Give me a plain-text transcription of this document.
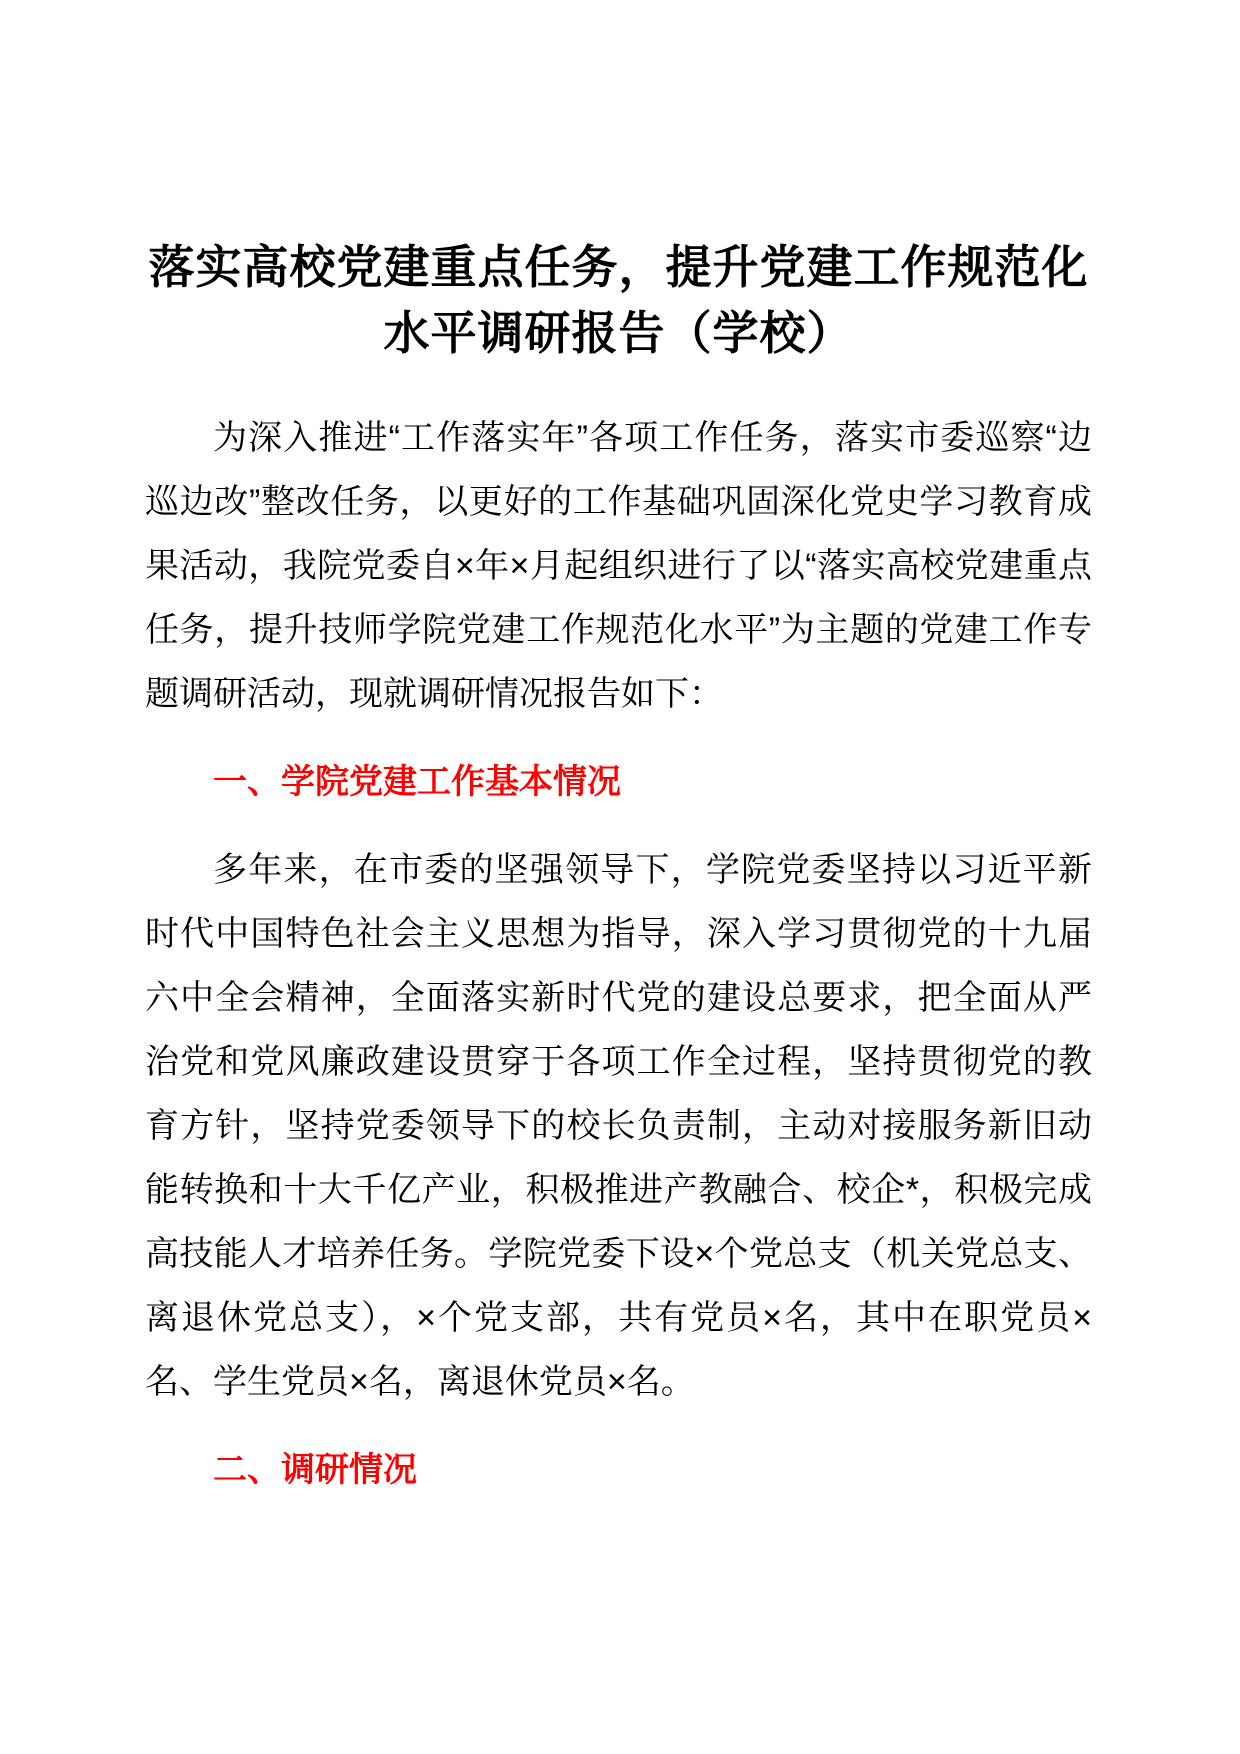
落实高校党建重点任务，提升党建工作规范化水平调研报告（学校）

为深入推进“工作落实年”各项工作任务，落实市委巡察“边巡边改”整改任务，以更好的工作基础巩固深化党史学习教育成果活动，我院党委自×年×月起组织进行了以“落实高校党建重点任务，提升技师学院党建工作规范化水平”为主题的党建工作专题调研活动，现就调研情况报告如下：

一、学院党建工作基本情况

多年来，在市委的坚强领导下，学院党委坚持以习近平新时代中国特色社会主义思想为指导，深入学习贯彻党的十九届六中全会精神，全面落实新时代党的建设总要求，把全面从严治党和党风廉政建设贯穿于各项工作全过程，坚持贯彻党的教育方针，坚持党委领导下的校长负责制，主动对接服务新旧动能转换和十大千亿产业，积极推进产教融合、校企*，积极完成高技能人才培养任务。学院党委下设×个党总支（机关党总支、离退休党总支），×个党支部，共有党员×名，其中在职党员×名、学生党员×名，离退休党员×名。

二、调研情况
